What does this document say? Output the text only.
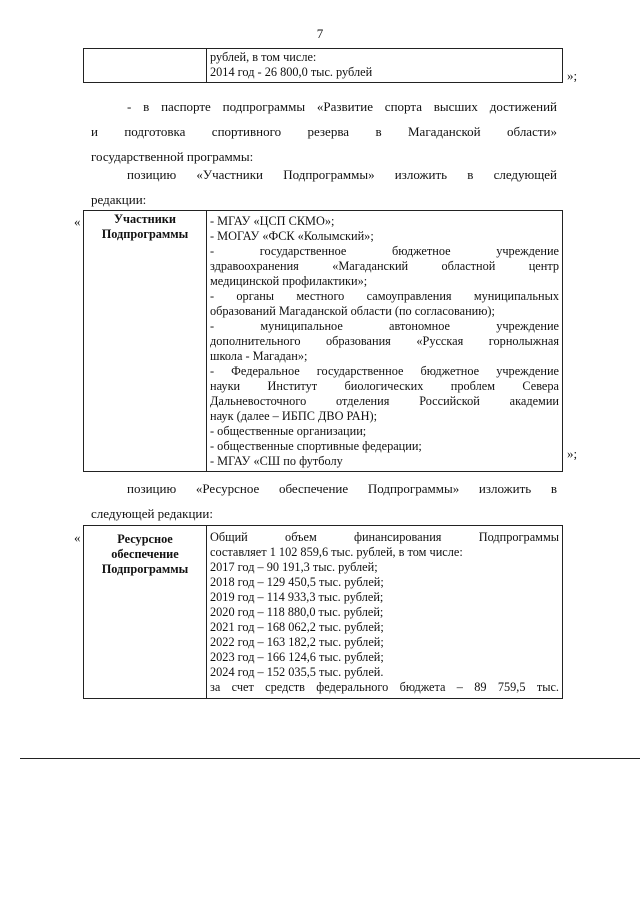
7

рублей, в том числе:
2014 год - 26 800,0 тыс. рублей	»;
- в паспорте подпрограммы «Развитие спорта высших достижений
и подготовка спортивного резерва в Магаданской области»
государственной программы:
позицию «Участники Подпрограммы» изложить в следующей
редакции:
«	Участники
Подпрограммы

- МГАУ «ЦСП СКМО»;
- МОГАУ «ФСК «Колымский»;
- государственное бюджетное учреждение
здравоохранения «Магаданский областной центр
медицинской профилактики»;
- органы местного самоуправления муниципальных
образований Магаданской области (по согласованию);
- муниципальное автономное учреждение
дополнительного образования «Русская горнолыжная
школа - Магадан»;
- Федеральное государственное бюджетное учреждение
науки Институт биологических проблем Севера
Дальневосточного отделения Российской академии
наук (далее – ИБПС ДВО РАН);
- общественные организации;
- общественные спортивные федерации;
- МГАУ «СШ по футболу	»;
позицию «Ресурсное обеспечение Подпрограммы» изложить в
следующей редакции:
«	Ресурсное
обеспечение
Подпрограммы

Общий объем финансирования Подпрограммы
составляет 1 102 859,6 тыс. рублей, в том числе:
2017 год – 90 191,3 тыс. рублей;
2018 год – 129 450,5 тыс. рублей;
2019 год – 114 933,3 тыс. рублей;
2020 год – 118 880,0 тыс. рублей;
2021 год – 168 062,2 тыс. рублей;
2022 год – 163 182,2 тыс. рублей;
2023 год – 166 124,6 тыс. рублей;
2024 год – 152 035,5 тыс. рублей.
за счет средств федерального бюджета – 89 759,5 тыс.
